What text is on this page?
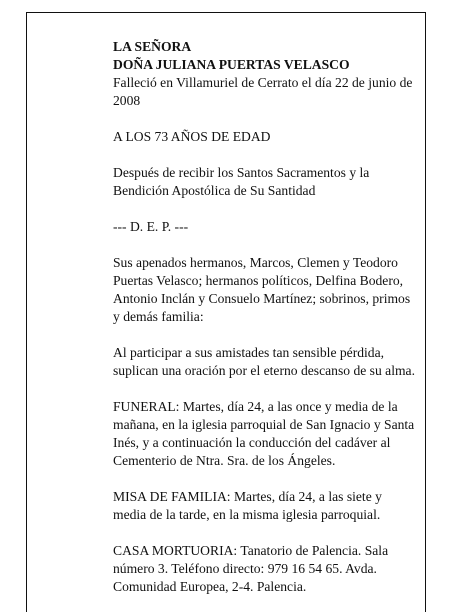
LA SEÑORA

DOÑA JULIANA PUERTAS VELASCO

Falleció en Villamuriel de Cerrato el día 22 de junio de 2008

A LOS 73 AÑOS DE EDAD

Después de recibir los Santos Sacramentos y la Bendición Apostólica de Su Santidad

--- D. E. P. ---

Sus apenados hermanos, Marcos, Clemen y Teodoro Puertas Velasco; hermanos políticos, Delfina Bodero, Antonio Inclán y Consuelo Martínez; sobrinos, primos y demás familia:

Al participar a sus amistades tan sensible pérdida, suplican una oración por el eterno descanso de su alma.

FUNERAL: Martes, día 24, a las once y media de la mañana, en la iglesia parroquial de San Ignacio y Santa Inés, y a continuación la conducción del cadáver al Cementerio de Ntra. Sra. de los Ángeles.

MISA DE FAMILIA: Martes, día 24, a las siete y media de la tarde, en la misma iglesia parroquial.

CASA MORTUORIA: Tanatorio de Palencia. Sala número 3. Teléfono directo: 979 16 54 65. Avda. Comunidad Europea, 2-4. Palencia.
